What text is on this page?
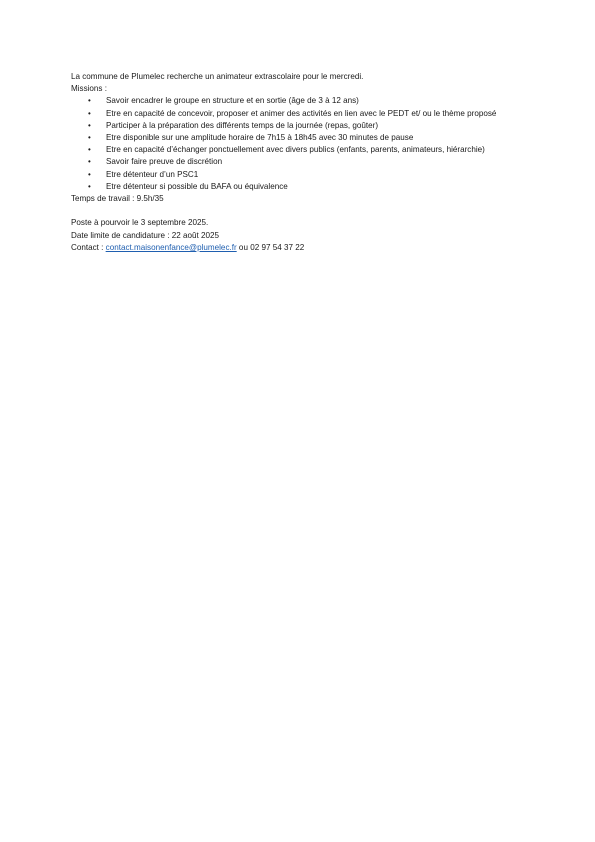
La commune de Plumelec recherche un animateur extrascolaire pour le mercredi.

Missions :

• Savoir encadrer le groupe en structure et en sortie (âge de 3 à 12 ans)
• Etre en capacité de concevoir, proposer et animer des activités en lien avec le PEDT et/ ou le thème proposé
• Participer à la préparation des différents temps de la journée (repas, goûter)
• Etre disponible sur une amplitude horaire de 7h15 à 18h45 avec 30 minutes de pause
• Etre en capacité d’échanger ponctuellement avec divers publics (enfants, parents, animateurs, hiérarchie)
• Savoir faire preuve de discrétion
• Etre détenteur d’un PSC1
• Etre détenteur si possible du BAFA ou équivalence

Temps de travail : 9.5h/35

Poste à pourvoir le 3 septembre 2025.

Date limite de candidature : 22 août 2025

Contact : contact.maisonenfance@plumelec.fr ou 02 97 54 37 22
